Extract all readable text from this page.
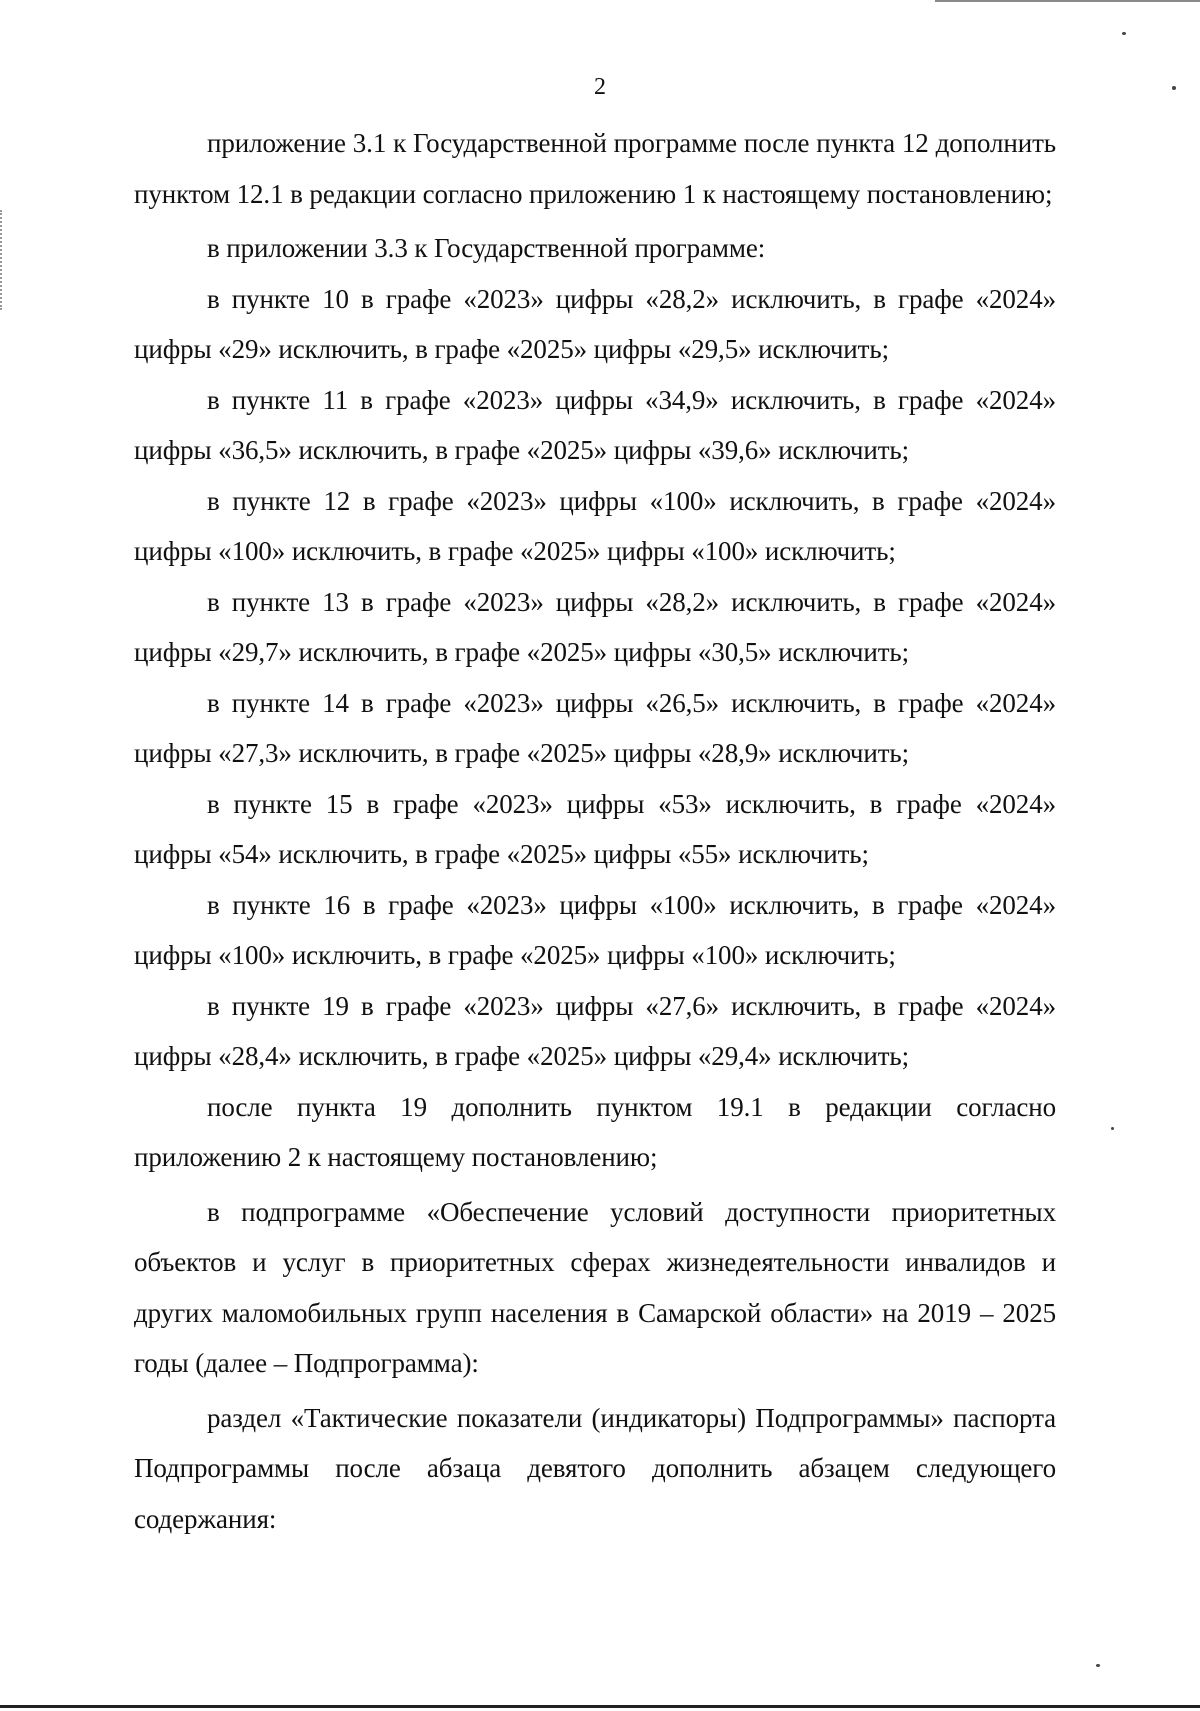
2

приложение 3.1 к Государственной программе после пункта 12 дополнить пунктом 12.1 в редакции согласно приложению 1 к настоящему постановлению;

в приложении 3.3 к Государственной программе:

в пункте 10 в графе «2023» цифры «28,2» исключить, в графе «2024» цифры «29» исключить, в графе «2025» цифры «29,5» исключить;

в пункте 11 в графе «2023» цифры «34,9» исключить, в графе «2024» цифры «36,5» исключить, в графе «2025» цифры «39,6» исключить;

в пункте 12 в графе «2023» цифры «100» исключить, в графе «2024» цифры «100» исключить, в графе «2025» цифры «100» исключить;

в пункте 13 в графе «2023» цифры «28,2» исключить, в графе «2024» цифры «29,7» исключить, в графе «2025» цифры «30,5» исключить;

в пункте 14 в графе «2023» цифры «26,5» исключить, в графе «2024» цифры «27,3» исключить, в графе «2025» цифры «28,9» исключить;

в пункте 15 в графе «2023» цифры «53» исключить, в графе «2024» цифры «54» исключить, в графе «2025» цифры «55» исключить;

в пункте 16 в графе «2023» цифры «100» исключить, в графе «2024» цифры «100» исключить, в графе «2025» цифры «100» исключить;

в пункте 19 в графе «2023» цифры «27,6» исключить, в графе «2024» цифры «28,4» исключить, в графе «2025» цифры «29,4» исключить;

после пункта 19 дополнить пунктом 19.1 в редакции согласно приложению 2 к настоящему постановлению;

в подпрограмме «Обеспечение условий доступности приоритетных объектов и услуг в приоритетных сферах жизнедеятельности инвалидов и других маломобильных групп населения в Самарской области» на 2019 – 2025 годы (далее – Подпрограмма):

раздел «Тактические показатели (индикаторы) Подпрограммы» паспорта Подпрограммы после абзаца девятого дополнить абзацем следующего содержания:
